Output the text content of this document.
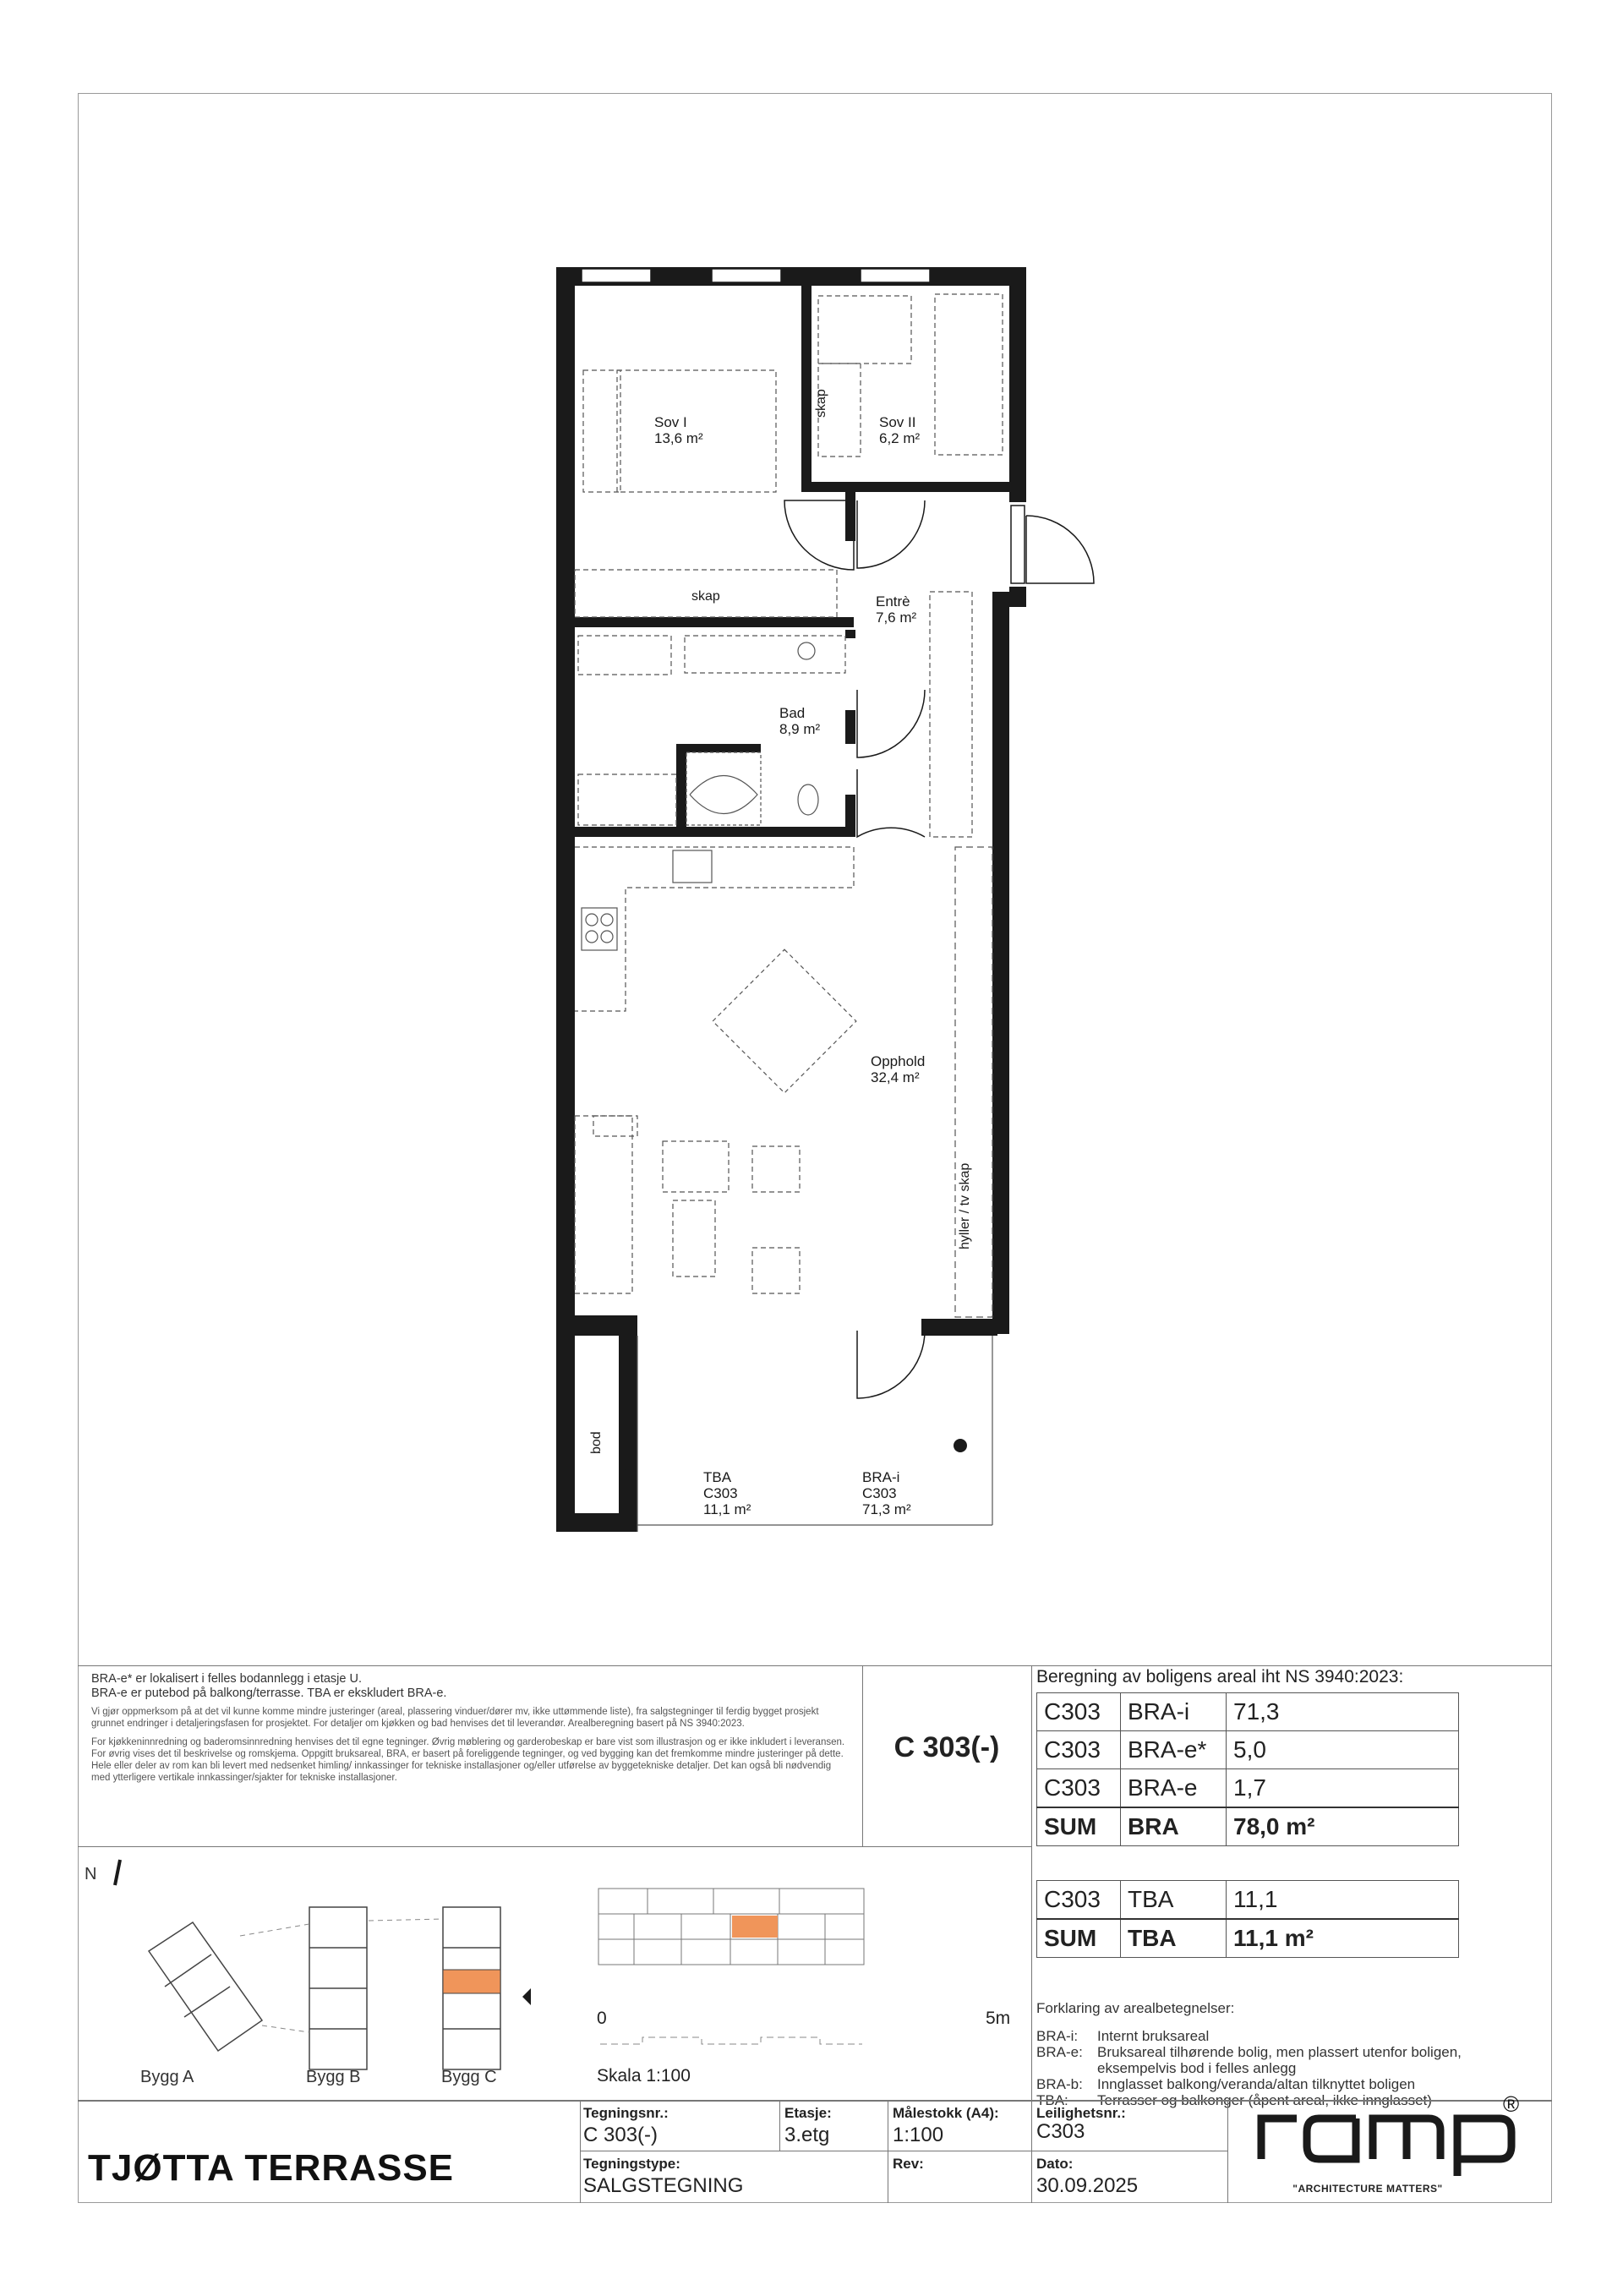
Sov I
13,6 m²
Sov II
6,2 m²
Entrè
7,6 m²
Bad
8,9 m²
Opphold
32,4 m²
skap
skap
hyller / tv skap
bod
TBA
C303
11,1 m²
BRA-i
C303
71,3 m²

BRA-e* er lokalisert i felles bodannlegg i etasje U.

BRA-e er putebod på balkong/terrasse. TBA er ekskludert BRA-e.

Vi gjør oppmerksom på at det vil kunne komme mindre justeringer (areal, plassering vinduer/dører mv, ikke uttømmende liste), fra salgstegninger til ferdig bygget prosjekt grunnet endringer i detaljeringsfasen for prosjektet. For detaljer om kjøkken og bad henvises det til leverandør. Arealberegning basert på NS 3940:2023.

For kjøkkeninnredning og baderomsinnredning henvises det til egne tegninger. Øvrig møblering og garderobeskap er bare vist som illustrasjon og er ikke inkludert i leveransen. For øvrig vises det til beskrivelse og romskjema. Oppgitt bruksareal, BRA, er basert på foreliggende tegninger, og ved bygging kan det fremkomme mindre justeringer på dette. Hele eller deler av rom kan bli levert med nedsenket himling/ innkassinger for tekniske installasjoner og/eller utførelse av byggetekniske detaljer. Det kan også bli nødvendig med ytterligere vertikale innkassinger/sjakter for tekniske installasjoner.

C 303(-)
Beregning av boligens areal iht NS 3940:2023:
C303	BRA-i	71,3
C303	BRA-e*	5,0
C303	BRA-e	1,7
SUM	BRA	78,0 m²
C303	TBA	11,1
SUM	TBA	11,1 m²
Forklaring av arealbetegnelser:
BRA-i:	Internt bruksareal
BRA-e:	Bruksareal tilhørende bolig, men plassert utenfor boligen, eksempelvis bod i felles anlegg
BRA-b:	Innglasset balkong/veranda/altan tilknyttet boligen
TBA:	Terrasser og balkonger (åpent areal, ikke innglasset)
N
Bygg A	Bygg B	Bygg C
0	5m
Skala 1:100
TJØTTA TERRASSE
Tegningsnr.:
C 303(-)
Etasje:
3.etg
Målestokk (A4):
1:100
Leilighetsnr.:
C303
Tegningstype:
SALGSTEGNING
Rev:	Dato:
30.09.2025
®
"ARCHITECTURE MATTERS"
